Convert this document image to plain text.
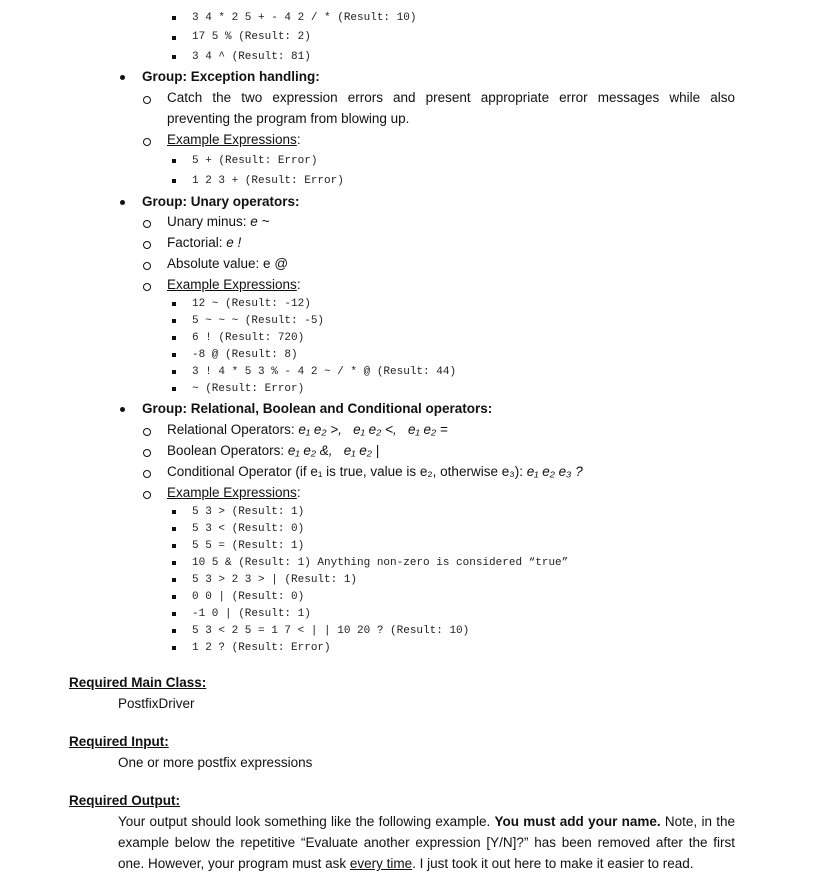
3 4 * 2 5 + - 4 2 / * (Result: 10)
17 5 % (Result: 2)
3 4 ^ (Result: 81)
Group: Exception handling:
Catch the two expression errors and present appropriate error messages while also
preventing the program from blowing up.
Example Expressions:
5 + (Result: Error)
1 2 3 + (Result: Error)
Group: Unary operators:
Unary minus: e ~
Factorial: e !
Absolute value: e @
Example Expressions:
12 ~ (Result: -12)
5 ~ ~ ~ (Result: -5)
6 ! (Result: 720)
-8 @ (Result: 8)
3 ! 4 * 5 3 % - 4 2 ~ / * @ (Result: 44)
~ (Result: Error)
Group: Relational, Boolean and Conditional operators:
Relational Operators: e₁ e₂ >,   e₁ e₂ <,   e₁ e₂ =
Boolean Operators: e₁ e₂ &,   e₁ e₂ |
Conditional Operator (if e₁ is true, value is e₂, otherwise e₃): e₁ e₂ e₃ ?
Example Expressions:
5 3 > (Result: 1)
5 3 < (Result: 0)
5 5 = (Result: 1)
10 5 & (Result: 1) Anything non-zero is considered “true”
5 3 > 2 3 > | (Result: 1)
0 0 | (Result: 0)
-1 0 | (Result: 1)
5 3 < 2 5 = 1 7 < | | 10 20 ? (Result: 10)
1 2 ? (Result: Error)
Required Main Class:
PostfixDriver
Required Input:
One or more postfix expressions
Required Output:
Your output should look something like the following example. You must add your name. Note, in the
example below the repetitive “Evaluate another expression [Y/N]?” has been removed after the first
one. However, your program must ask every time. I just took it out here to make it easier to read.
